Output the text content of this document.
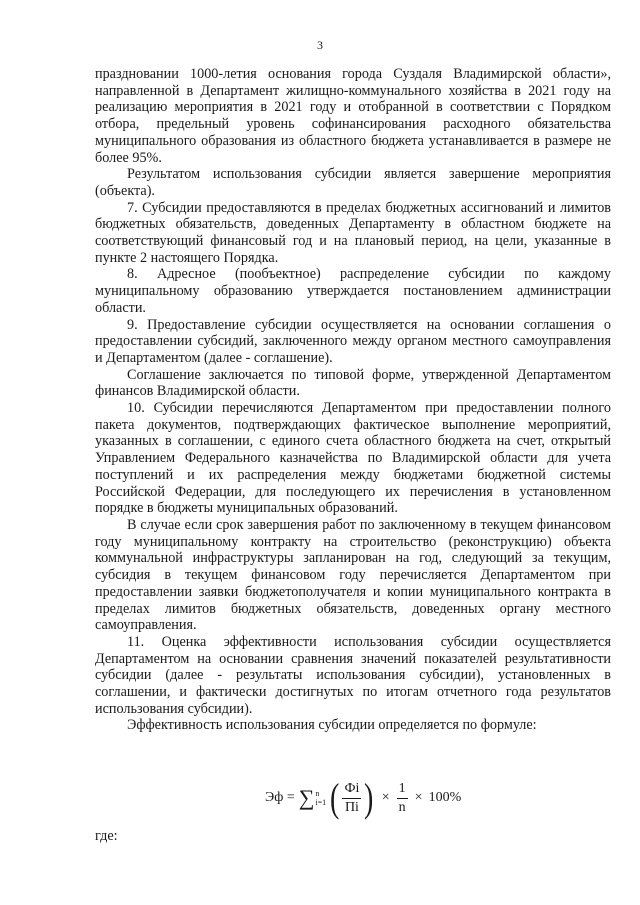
3

праздновании 1000-летия основания города Суздаля Владимирской области», направленной в Департамент жилищно-коммунального хозяйства в 2021 году на реализацию мероприятия в 2021 году и отобранной в соответствии с Порядком отбора, предельный уровень софинансирования расходного обязательства муниципального образования из областного бюджета устанавливается в размере не более 95%.

Результатом использования субсидии является завершение мероприятия (объекта).

7. Субсидии предоставляются в пределах бюджетных ассигнований и лимитов бюджетных обязательств, доведенных Департаменту в областном бюджете на соответствующий финансовый год и на плановый период, на цели, указанные в пункте 2 настоящего Порядка.

8. Адресное (пообъектное) распределение субсидии по каждому муниципальному образованию утверждается постановлением администрации области.

9. Предоставление субсидии осуществляется на основании соглашения о предоставлении субсидий, заключенного между органом местного самоуправления и Департаментом (далее - соглашение).

Соглашение заключается по типовой форме, утвержденной Департаментом финансов Владимирской области.

10. Субсидии перечисляются Департаментом при предоставлении полного пакета документов, подтверждающих фактическое выполнение мероприятий, указанных в соглашении, с единого счета областного бюджета на счет, открытый Управлением Федерального казначейства по Владимирской области для учета поступлений и их распределения между бюджетами бюджетной системы Российской Федерации, для последующего их перечисления в установленном порядке в бюджеты муниципальных образований.

В случае если срок завершения работ по заключенному в текущем финансовом году муниципальному контракту на строительство (реконструкцию) объекта коммунальной инфраструктуры запланирован на год, следующий за текущим, субсидия в текущем финансовом году перечисляется Департаментом при предоставлении заявки бюджетополучателя и копии муниципального контракта в пределах лимитов бюджетных обязательств, доведенных органу местного самоуправления.

11. Оценка эффективности использования субсидии осуществляется Департаментом на основании сравнения значений показателей результативности субсидии (далее - результаты использования субсидии), установленных в соглашении, и фактически достигнутых по итогам отчетного года результатов использования субсидии).

Эффективность использования субсидии определяется по формуле:

Эф = ∑ n
i=1 ( $\frac{Фi}{Пi}$ ) × $\frac{1}{n} \times 100\%$
где:
